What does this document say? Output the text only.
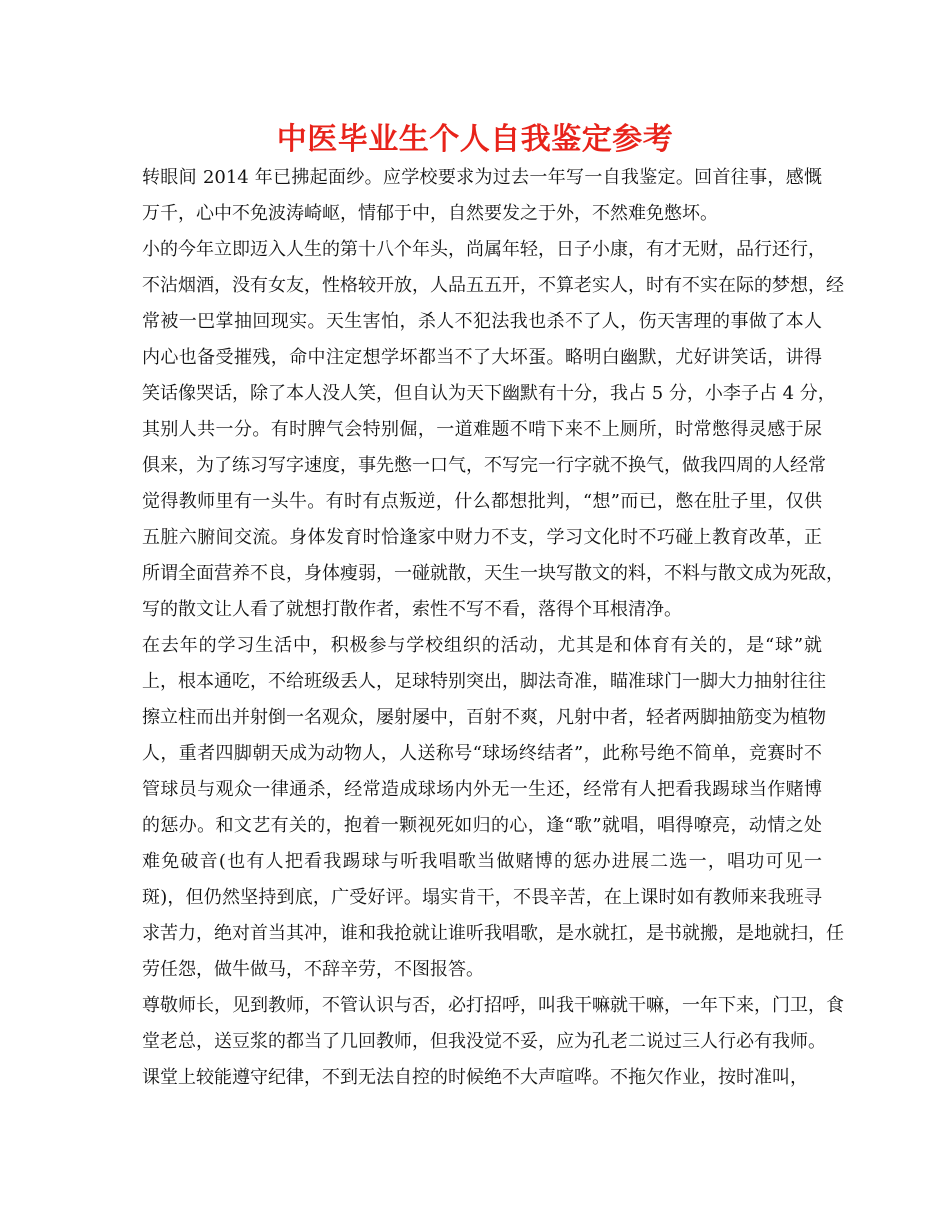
中医毕业生个人自我鉴定参考
转眼间 2014 年已拂起面纱。应学校要求为过去一年写一自我鉴定。回首往事，感慨
万千，心中不免波涛崎岖，情郁于中，自然要发之于外，不然难免憋坏。
小的今年立即迈入人生的第十八个年头，尚属年轻，日子小康，有才无财，品行还行，
不沾烟酒，没有女友，性格较开放，人品五五开，不算老实人，时有不实在际的梦想，经
常被一巴掌抽回现实。天生害怕，杀人不犯法我也杀不了人，伤天害理的事做了本人
内心也备受摧残，命中注定想学坏都当不了大坏蛋。略明白幽默，尤好讲笑话，讲得
笑话像哭话，除了本人没人笑，但自认为天下幽默有十分，我占 5 分，小李子占 4 分，
其别人共一分。有时脾气会特别倔，一道难题不啃下来不上厕所，时常憋得灵感于尿
俱来，为了练习写字速度，事先憋一口气，不写完一行字就不换气，做我四周的人经常
觉得教师里有一头牛。有时有点叛逆，什么都想批判，“想”而已，憋在肚子里，仅供
五脏六腑间交流。身体发育时恰逢家中财力不支，学习文化时不巧碰上教育改革，正
所谓全面营养不良，身体瘦弱，一碰就散，天生一块写散文的料，不料与散文成为死敌，
写的散文让人看了就想打散作者，索性不写不看，落得个耳根清净。
在去年的学习生活中，积极参与学校组织的活动，尤其是和体育有关的，是“球”就
上，根本通吃，不给班级丢人，足球特别突出，脚法奇准，瞄准球门一脚大力抽射往往
擦立柱而出并射倒一名观众，屡射屡中，百射不爽，凡射中者，轻者两脚抽筋变为植物
人，重者四脚朝天成为动物人，人送称号“球场终结者”，此称号绝不简单，竞赛时不
管球员与观众一律通杀，经常造成球场内外无一生还，经常有人把看我踢球当作赌博
的惩办。和文艺有关的，抱着一颗视死如归的心，逢“歌”就唱，唱得嘹亮，动情之处
难免破音(也有人把看我踢球与听我唱歌当做赌博的惩办进展二选一，唱功可见一
斑)，但仍然坚持到底，广受好评。塌实肯干，不畏辛苦，在上课时如有教师来我班寻
求苦力，绝对首当其冲，谁和我抢就让谁听我唱歌，是水就扛，是书就搬，是地就扫，任
劳任怨，做牛做马，不辞辛劳，不图报答。
尊敬师长，见到教师，不管认识与否，必打招呼，叫我干嘛就干嘛，一年下来，门卫，食
堂老总，送豆浆的都当了几回教师，但我没觉不妥，应为孔老二说过三人行必有我师。
课堂上较能遵守纪律，不到无法自控的时候绝不大声喧哗。不拖欠作业，按时准叫，
